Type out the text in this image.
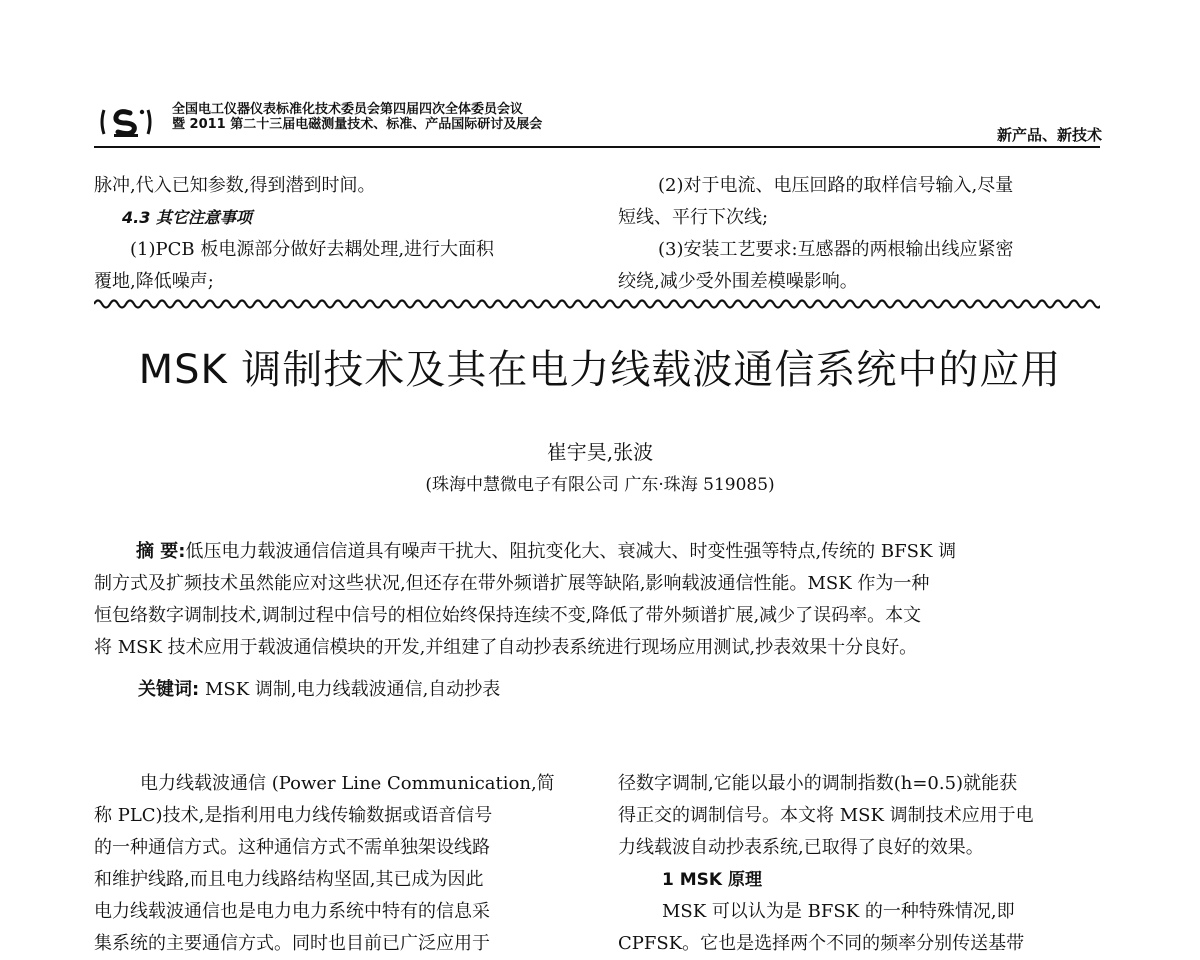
全国电工仪器仪表标准化技术委员会第四届四次全体委员会议
暨 2011 第二十三届电磁测量技术、标准、产品国际研讨及展会
新产品、新技术

脉冲,代入已知参数,得到潜到时间。

4.3 其它注意事项

(1)PCB 板电源部分做好去耦处理,进行大面积

覆地,降低噪声;

(2)对于电流、电压回路的取样信号输入,尽量

短线、平行下次线;

(3)安装工艺要求:互感器的两根输出线应紧密

绞绕,减少受外围差模噪影响。

MSK 调制技术及其在电力线载波通信系统中的应用
崔宇昊,张波
(珠海中慧微电子有限公司 广东·珠海 519085)

摘 要:低压电力载波通信信道具有噪声干扰大、阻抗变化大、衰减大、时变性强等特点,传统的 BFSK 调

制方式及扩频技术虽然能应对这些状况,但还存在带外频谱扩展等缺陷,影响载波通信性能。MSK 作为一种

恒包络数字调制技术,调制过程中信号的相位始终保持连续不变,降低了带外频谱扩展,减少了误码率。本文

将 MSK 技术应用于载波通信模块的开发,并组建了自动抄表系统进行现场应用测试,抄表效果十分良好。

关键词: MSK 调制,电力线载波通信,自动抄表

电力线载波通信 (Power Line Communication,简

称 PLC)技术,是指利用电力线传输数据或语音信号

的一种通信方式。这种通信方式不需单独架设线路

和维护线路,而且电力线路结构坚固,其已成为因此

电力线载波通信也是电力电力系统中特有的信息采

集系统的主要通信方式。同时也目前已广泛应用于

径数字调制,它能以最小的调制指数(h=0.5)就能获

得正交的调制信号。本文将 MSK 调制技术应用于电

力线载波自动抄表系统,已取得了良好的效果。

1 MSK 原理

MSK 可以认为是 BFSK 的一种特殊情况,即

CPFSK。它也是选择两个不同的频率分别传送基带
